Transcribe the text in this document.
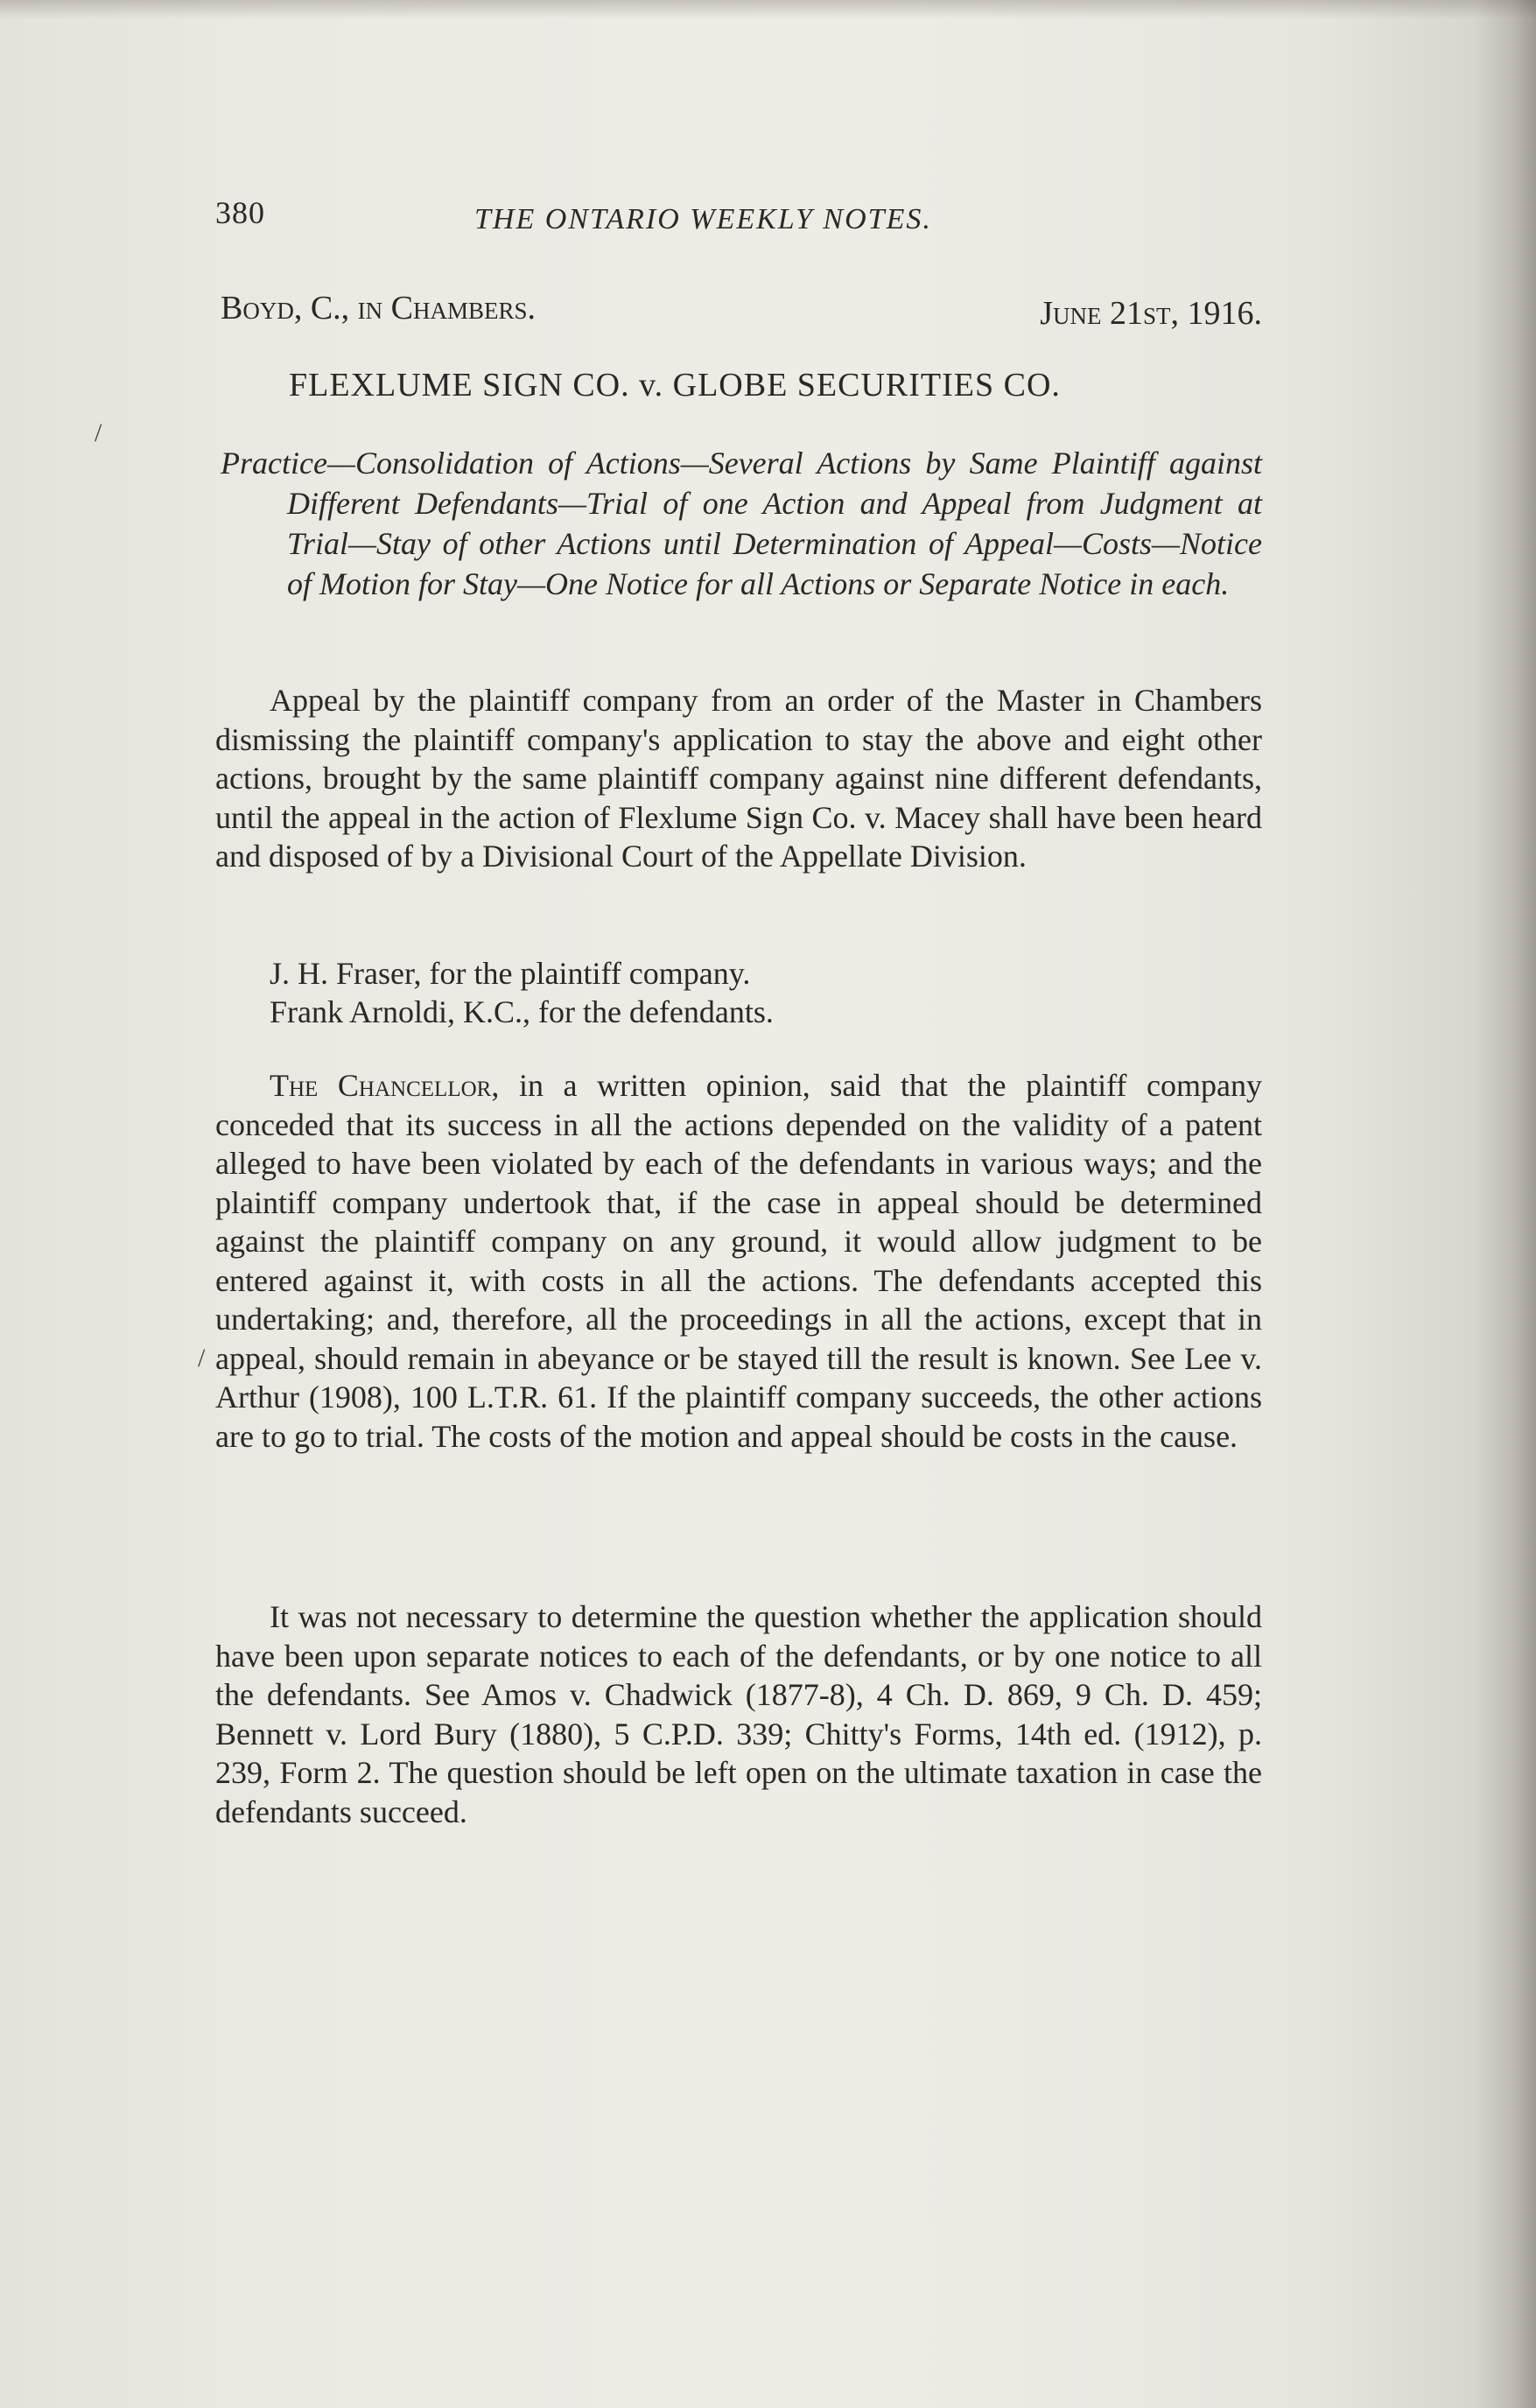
380	THE ONTARIO WEEKLY NOTES.
Boyd, C., in Chambers.	June 21st, 1916.
FLEXLUME SIGN CO. v. GLOBE SECURITIES CO.
Practice—Consolidation of Actions—Several Actions by Same Plaintiff against Different Defendants—Trial of one Action and Appeal from Judgment at Trial—Stay of other Actions until Determination of Appeal—Costs—Notice of Motion for Stay—One Notice for all Actions or Separate Notice in each.

Appeal by the plaintiff company from an order of the Master in Chambers dismissing the plaintiff company's application to stay the above and eight other actions, brought by the same plaintiff company against nine different defendants, until the appeal in the action of Flexlume Sign Co. v. Macey shall have been heard and disposed of by a Divisional Court of the Appellate Division.

J. H. Fraser, for the plaintiff company.
Frank Arnoldi, K.C., for the defendants.

The Chancellor, in a written opinion, said that the plaintiff company conceded that its success in all the actions depended on the validity of a patent alleged to have been violated by each of the defendants in various ways; and the plaintiff company undertook that, if the case in appeal should be determined against the plaintiff company on any ground, it would allow judgment to be entered against it, with costs in all the actions. The defendants accepted this undertaking; and, therefore, all the proceedings in all the actions, except that in appeal, should remain in abeyance or be stayed till the result is known. See Lee v. Arthur (1908), 100 L.T.R. 61. If the plaintiff company succeeds, the other actions are to go to trial. The costs of the motion and appeal should be costs in the cause.

It was not necessary to determine the question whether the application should have been upon separate notices to each of the defendants, or by one notice to all the defendants. See Amos v. Chadwick (1877-8), 4 Ch. D. 869, 9 Ch. D. 459; Bennett v. Lord Bury (1880), 5 C.P.D. 339; Chitty's Forms, 14th ed. (1912), p. 239, Form 2. The question should be left open on the ultimate taxation in case the defendants succeed.

/
/
